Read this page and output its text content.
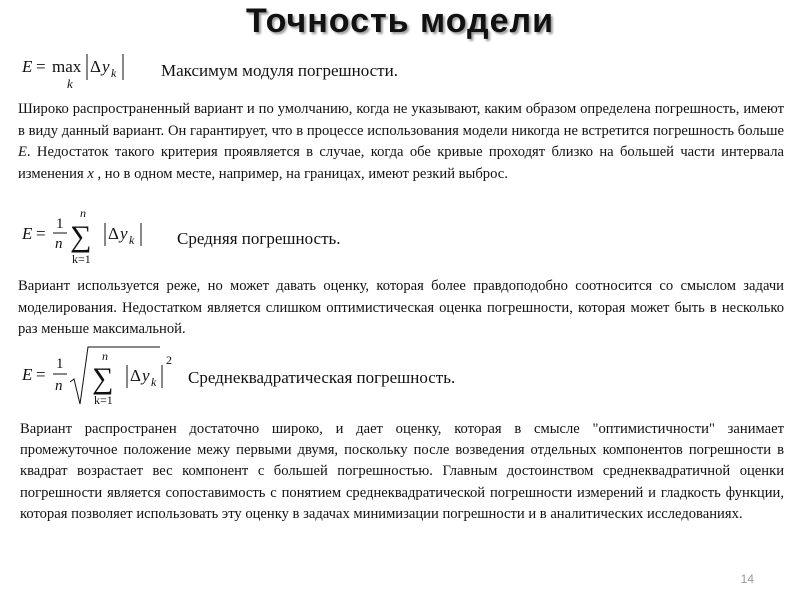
Точность модели
E = max
k
Δ y k	Максимум модуля погрешности.

Широко распространенный вариант и по умолчанию, когда не указывают, каким образом определена погрешность, имеют в виду данный вариант. Он гарантирует, что в процессе использования модели никогда не встретится погрешность больше E. Недостаток такого критерия проявляется в случае, когда обе кривые проходят близко на большей части интервала изменения x , но в одном месте, например, на границах, имеют резкий выброс.

E = 1
n
n
∑
k=1
Δ y k	Средняя погрешность.

Вариант используется реже, но может давать оценку, которая более правдоподобно соотносится со смыслом задачи моделирования. Недостатком является слишком оптимистическая оценка погрешности, которая может быть в несколько раз меньше максимальной.

E =
1
n
n
∑
k=1
Δ y k
2
Среднеквадратическая погрешность.

Вариант распространен достаточно широко, и дает оценку, которая в смысле "оптимистичности" занимает промежуточное положение межу первыми двумя, поскольку после возведения отдельных компонентов погрешности в квадрат возрастает вес компонент с большей погрешностью. Главным достоинством среднеквадратичной оценки погрешности является сопоставимость с понятием среднеквадратической погрешности измерений и гладкость функции, которая позволяет использовать эту оценку в задачах минимизации погрешности и в аналитических исследованиях.

14
